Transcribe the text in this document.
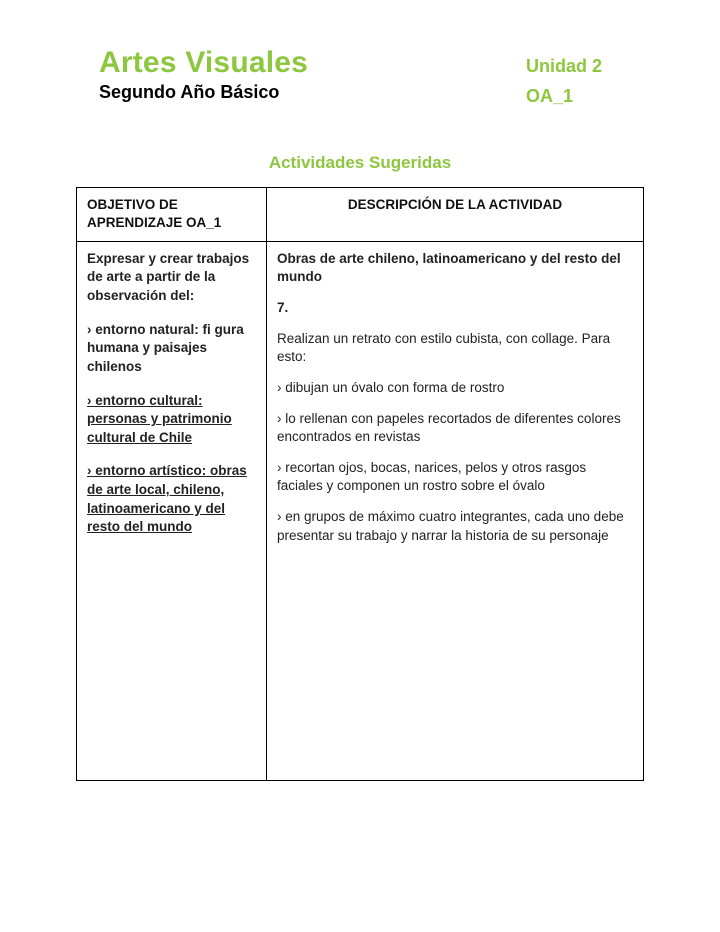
Artes Visuales
Segundo Año Básico
Unidad 2
OA_1
Actividades Sugeridas
OBJETIVO DE APRENDIZAJE OA_1
DESCRIPCIÓN DE LA ACTIVIDAD

Expresar y crear trabajos de arte a partir de la observación del:

› entorno natural: fi gura humana y paisajes chilenos

› entorno cultural: personas y patrimonio cultural de Chile

› entorno artístico: obras de arte local, chileno, latinoamericano y del resto del mundo

Obras de arte chileno, latinoamericano y del resto del mundo

7.

Realizan un retrato con estilo cubista, con collage. Para esto:

› dibujan un óvalo con forma de rostro

› lo rellenan con papeles recortados de diferentes colores encontrados en revistas

› recortan ojos, bocas, narices, pelos y otros rasgos faciales y componen un rostro sobre el óvalo

› en grupos de máximo cuatro integrantes, cada uno debe presentar su trabajo y narrar la historia de su personaje
